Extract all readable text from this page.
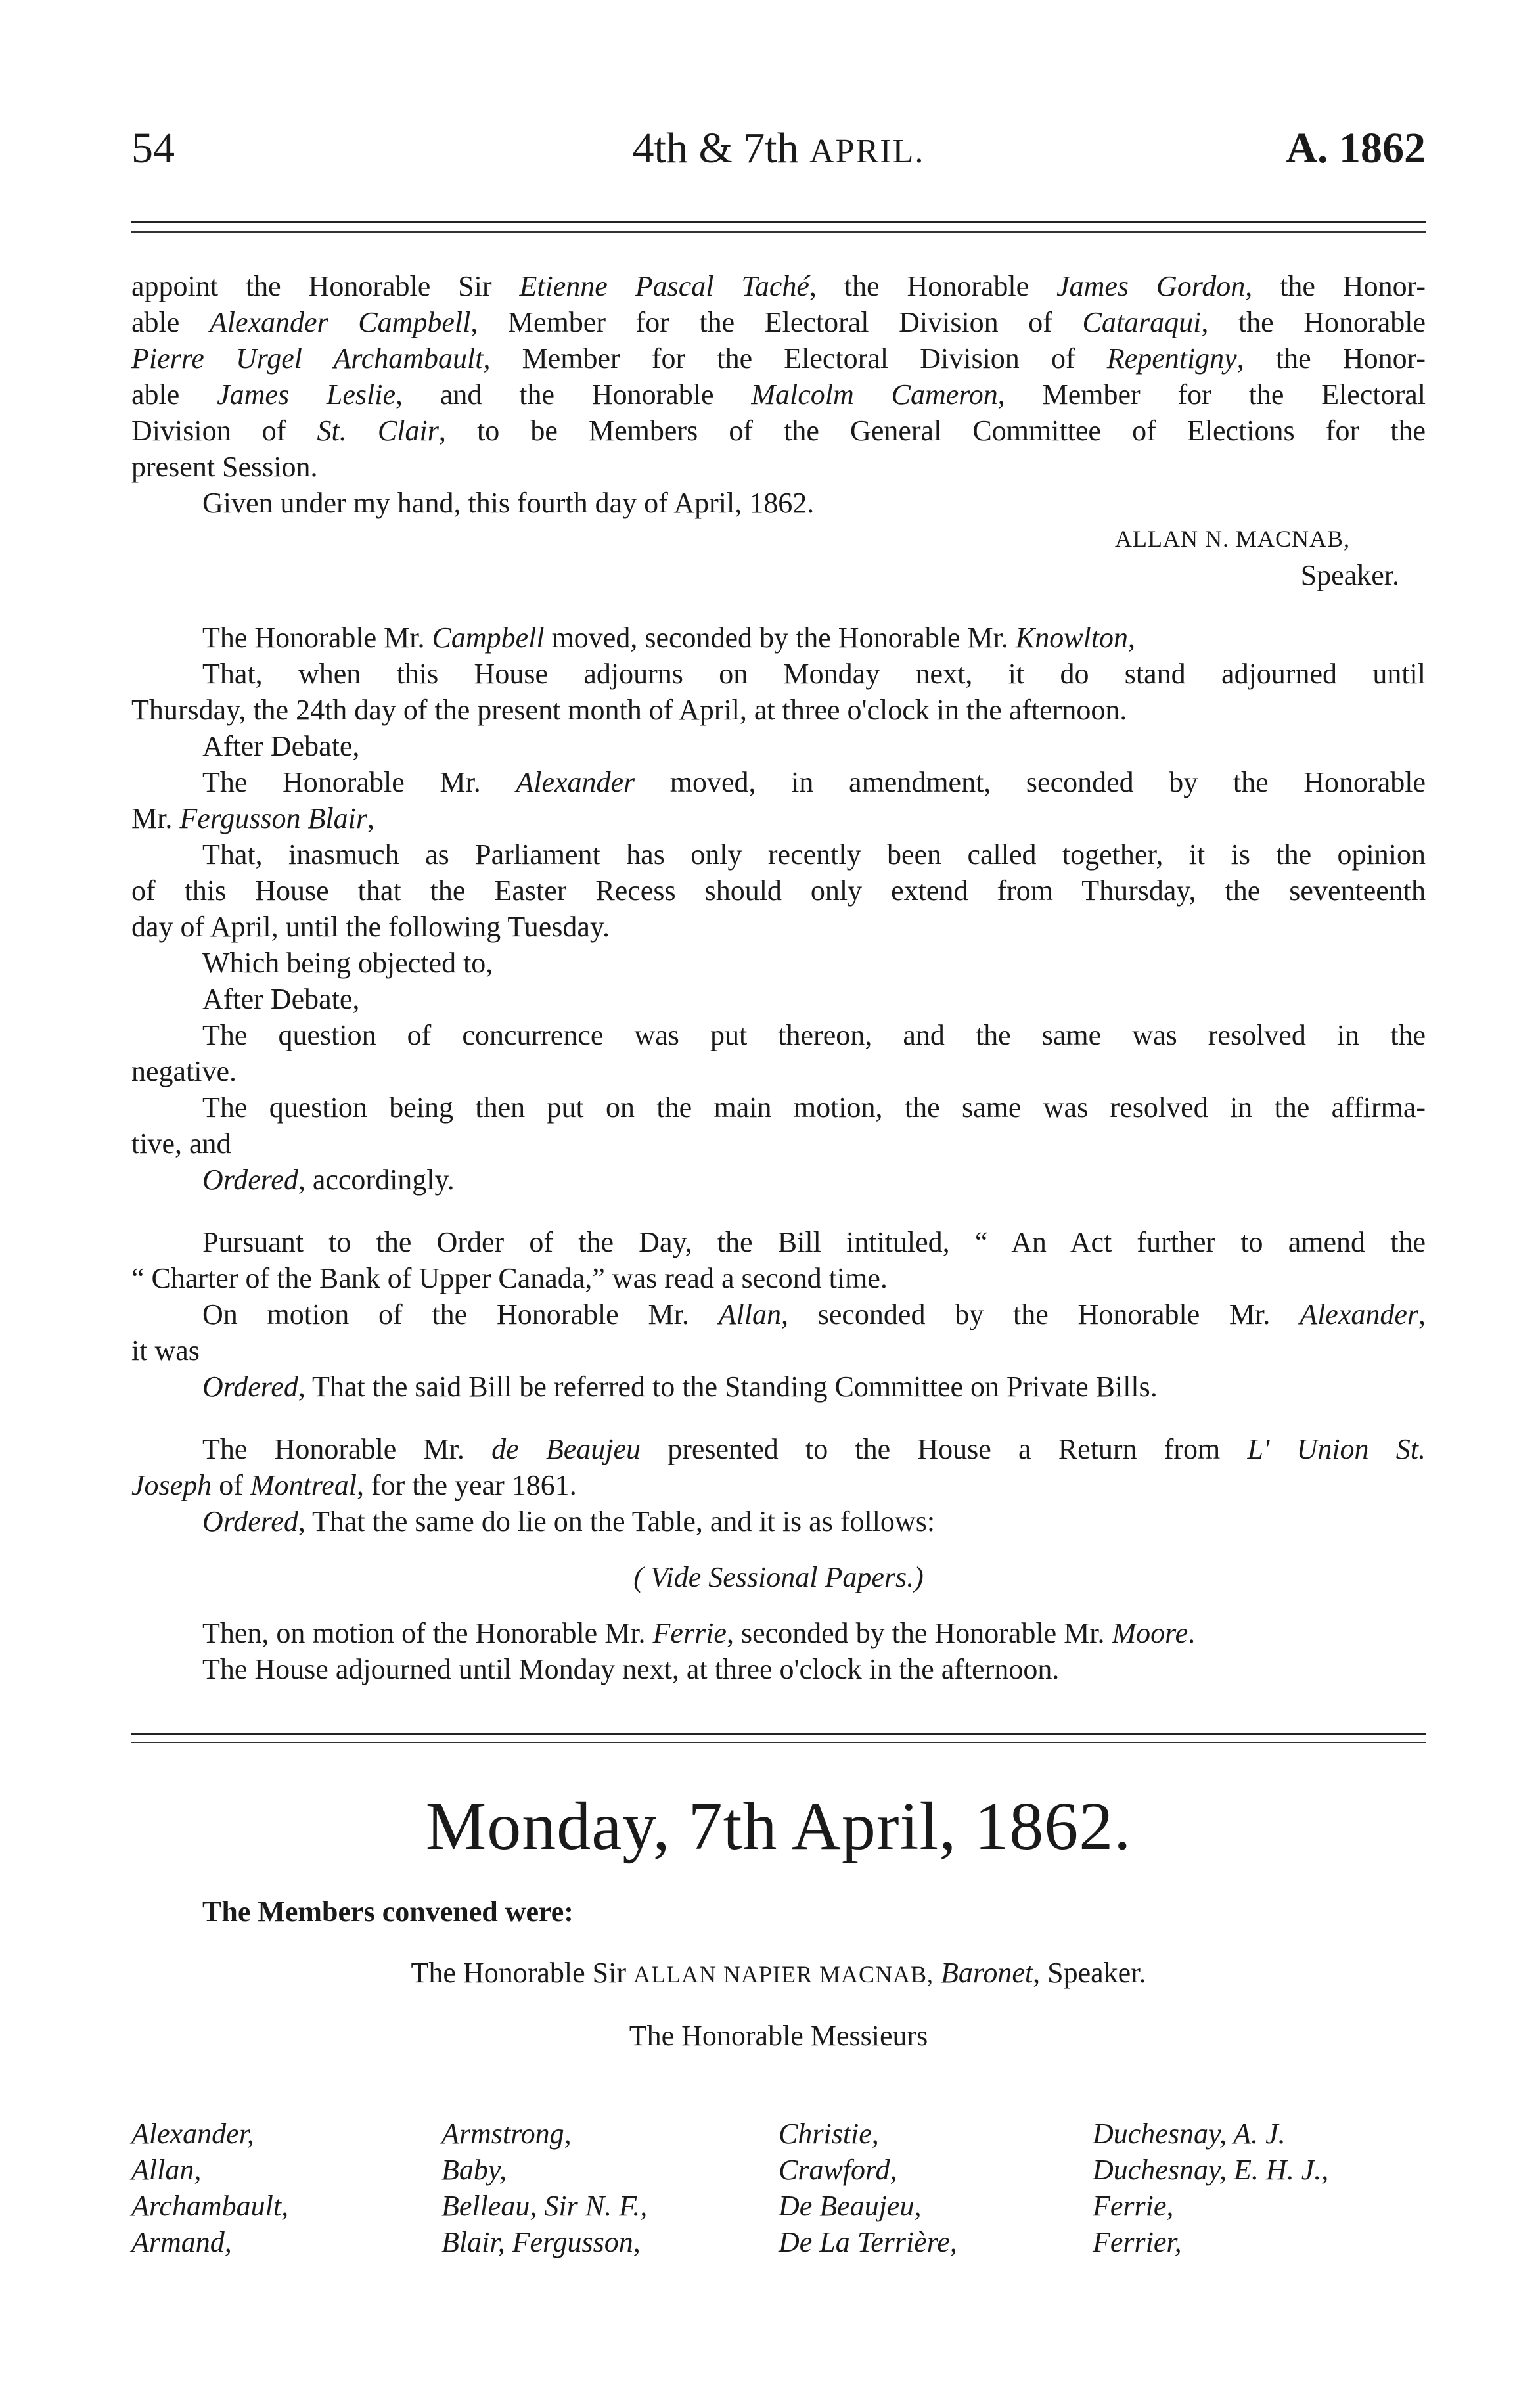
54	4th & 7th APRIL.	A. 1862

appoint the Honorable Sir Etienne Pascal Taché, the Honorable James Gordon, the Honor-

able Alexander Campbell, Member for the Electoral Division of Cataraqui, the Honorable

Pierre Urgel Archambault, Member for the Electoral Division of Repentigny, the Honor-

able James Leslie, and the Honorable Malcolm Cameron, Member for the Electoral

Division of St. Clair, to be Members of the General Committee of Elections for the

present Session.

Given under my hand, this fourth day of April, 1862.

ALLAN N. MACNAB,

Speaker.

The Honorable Mr. Campbell moved, seconded by the Honorable Mr. Knowlton,

That, when this House adjourns on Monday next, it do stand adjourned until

Thursday, the 24th day of the present month of April, at three o'clock in the afternoon.

After Debate,

The Honorable Mr. Alexander moved, in amendment, seconded by the Honorable

Mr. Fergusson Blair,

That, inasmuch as Parliament has only recently been called together, it is the opinion

of this House that the Easter Recess should only extend from Thursday, the seventeenth

day of April, until the following Tuesday.

Which being objected to,

After Debate,

The question of concurrence was put thereon, and the same was resolved in the

negative.

The question being then put on the main motion, the same was resolved in the affirma-

tive, and

Ordered, accordingly.

Pursuant to the Order of the Day, the Bill intituled, “ An Act further to amend the

“ Charter of the Bank of Upper Canada,” was read a second time.

On motion of the Honorable Mr. Allan, seconded by the Honorable Mr. Alexander,

it was

Ordered, That the said Bill be referred to the Standing Committee on Private Bills.

The Honorable Mr. de Beaujeu presented to the House a Return from L' Union St.

Joseph of Montreal, for the year 1861.

Ordered, That the same do lie on the Table, and it is as follows:

( Vide Sessional Papers.)

Then, on motion of the Honorable Mr. Ferrie, seconded by the Honorable Mr. Moore.

The House adjourned until Monday next, at three o'clock in the afternoon.

Monday, 7th April, 1862.

The Members convened were:

The Honorable Sir ALLAN NAPIER MACNAB, Baronet, Speaker.

The Honorable Messieurs

Alexander,
Allan,
Archambault,
Armand,
Armstrong,
Baby,
Belleau, Sir N. F.,
Blair, Fergusson,
Christie,
Crawford,
De Beaujeu,
De La Terrière,
Duchesnay, A. J.
Duchesnay, E. H. J.,
Ferrie,
Ferrier,
